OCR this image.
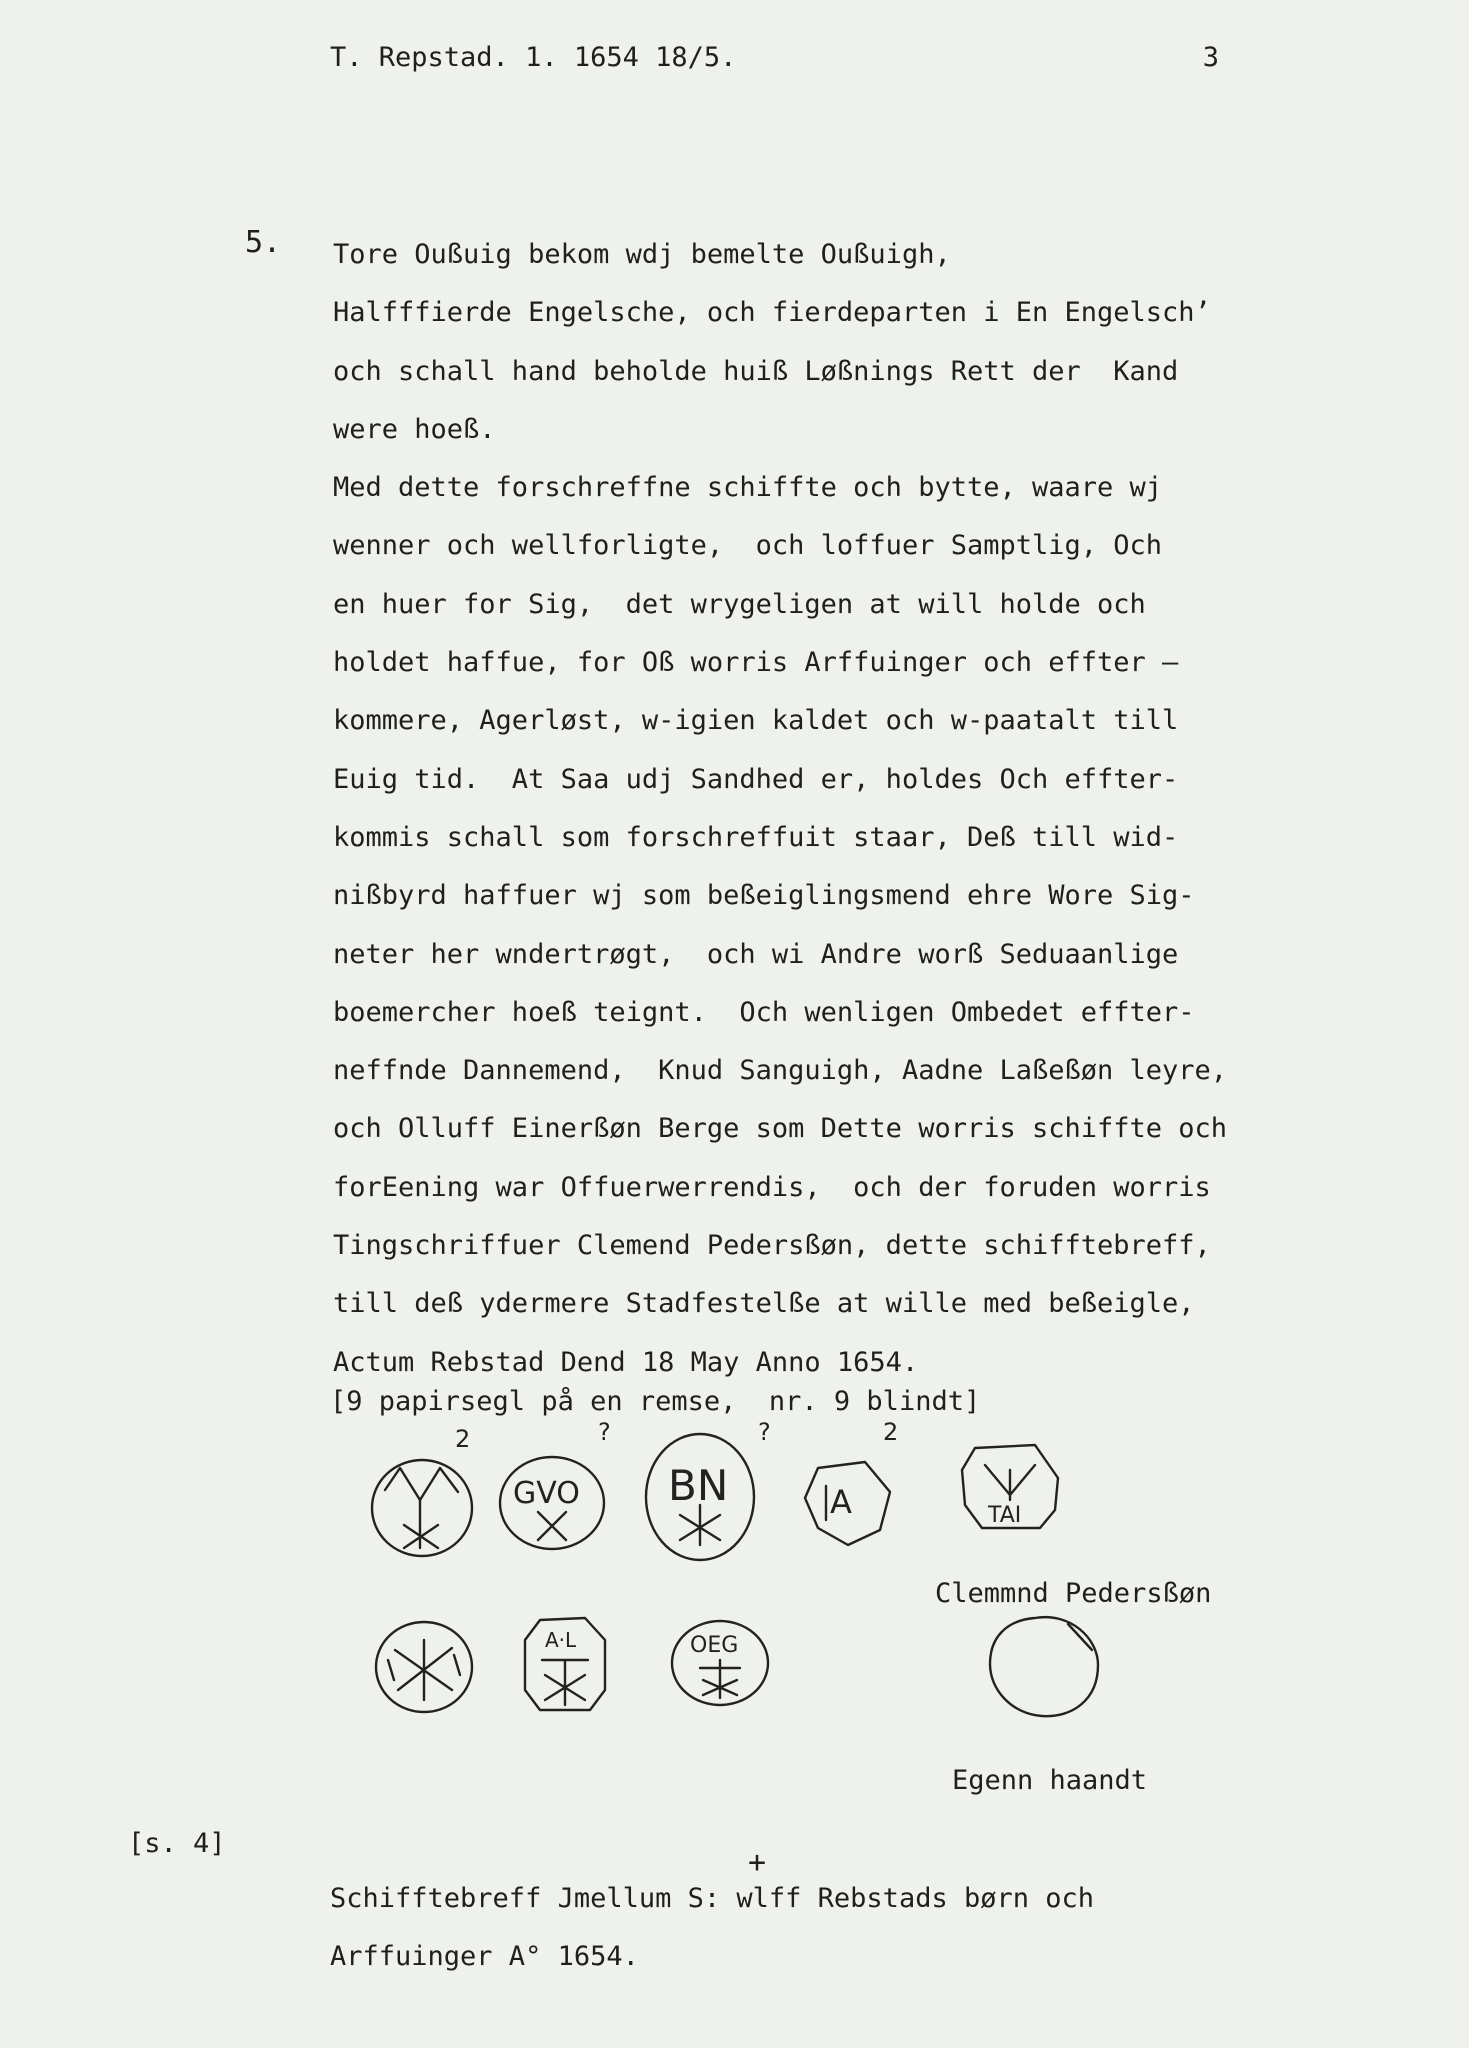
T. Repstad. 1. 1654 18/5.	3
5. Tore Oußuig bekom wdj bemelte Oußuigh,
Halfffierde Engelsche, och fierdeparten i En Engelsch’
och schall hand beholde huiß Løßnings Rett der  Kand
were hoeß.
Med dette forschreffne schiffte och bytte, waare wj
wenner och wellforligte,  och loffuer Samptlig, Och
en huer for Sig,  det wrygeligen at will holde och
holdet haffue, for Oß worris Arffuinger och effter –
kommere, Agerløst, w-igien kaldet och w-paatalt till
Euig tid.  At Saa udj Sandhed er, holdes Och effter-
kommis schall som forschreffuit staar, Deß till wid-
nißbyrd haffuer wj som beßeiglingsmend ehre Wore Sig-
neter her wndertrøgt,  och wi Andre worß Seduaanlige
boemercher hoeß teignt.  Och wenligen Ombedet effter-
neffnde Dannemend,  Knud Sanguigh, Aadne Laßeßøn leyre,
och Olluff Einerßøn Berge som Dette worris schiffte och
forEening war Offuerwerrendis,  och der foruden worris
Tingschriffuer Clemend Pedersßøn, dette schifftebreff,
till deß ydermere Stadfestelße at wille med beßeigle,
Actum Rebstad Dend 18 May Anno 1654.
[9 papirsegl på en remse,  nr. 9 blindt]
2	?	?	2
GVO BN	A	TAI
A·L	OEG
Clemmnd Pedersßøn
Egenn haandt
[s. 4]
+
Schifftebreff Jmellum S: wlff Rebstads børn och
Arffuinger A° 1654.
